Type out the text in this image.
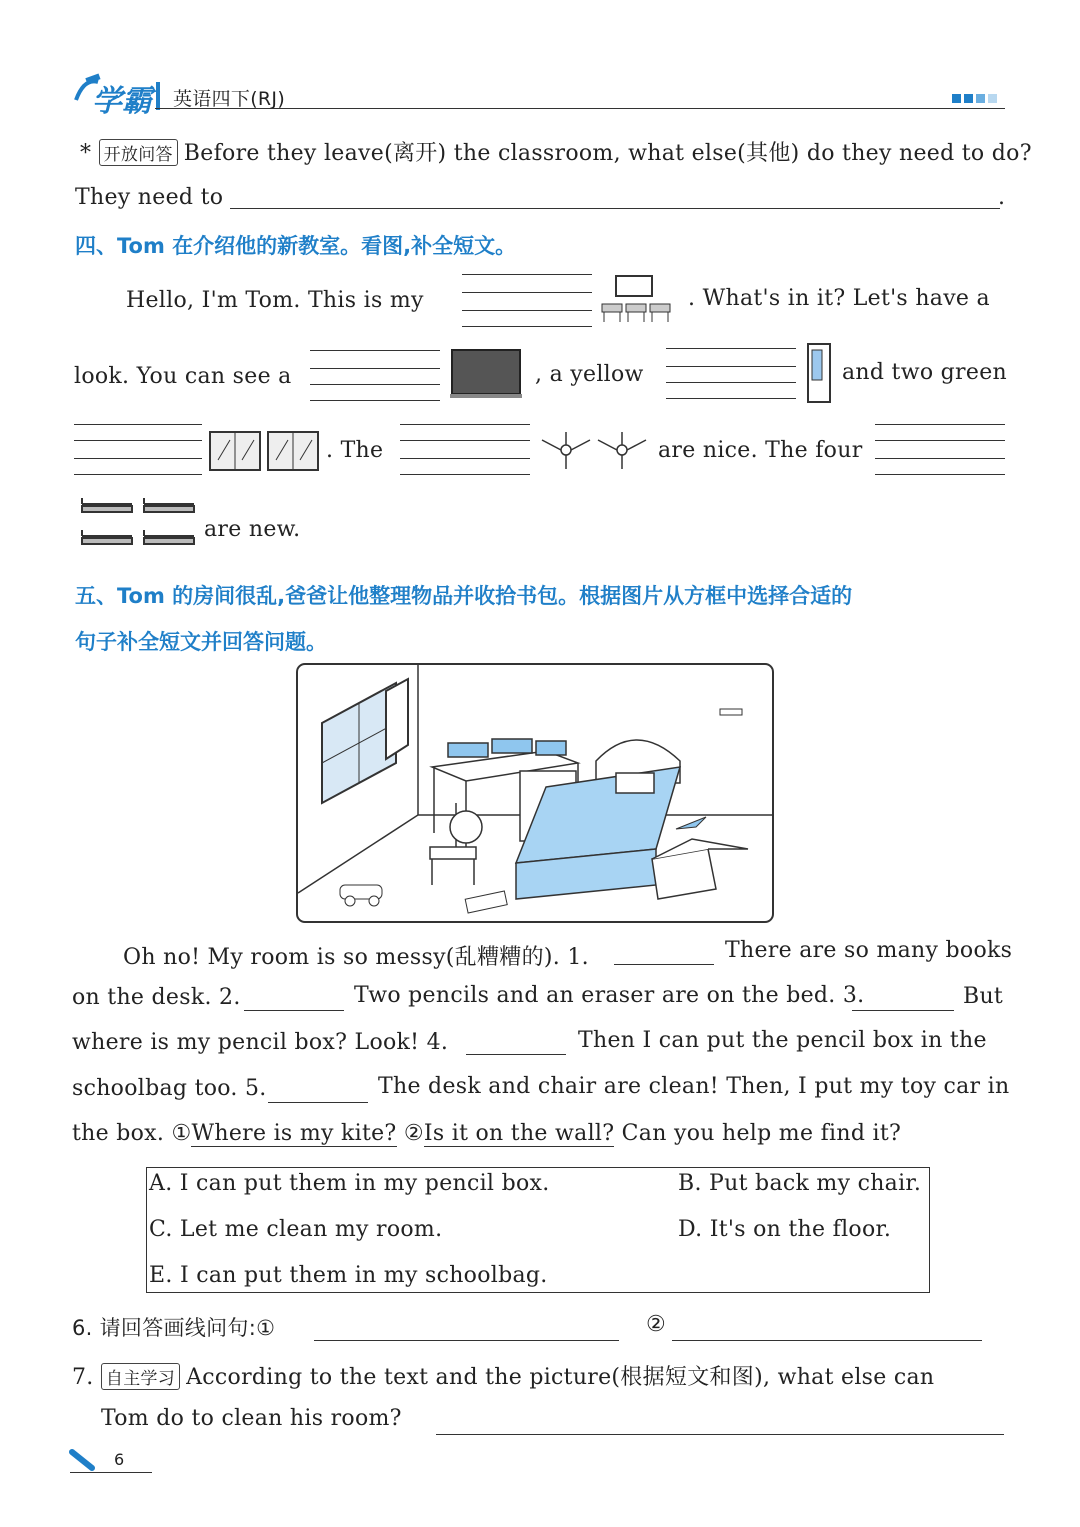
学霸 英语四下(RJ)
* 开放问答 Before they leave(离开) the classroom, what else(其他) do they need to do?
They need to	.
四、Tom 在介绍他的新教室。看图,补全短文。
Hello, I'm Tom. This is my	. What's in it? Let's have a
look. You can see a	, a yellow	and two green
. The	are nice. The four
are new.
五、Tom 的房间很乱,爸爸让他整理物品并收拾书包。根据图片从方框中选择合适的
句子补全短文并回答问题。
Oh no! My room is so messy(乱糟糟的). 1.	There are so many books
on the desk. 2.	Two pencils and an eraser are on the bed. 3.	But
where is my pencil box? Look! 4.	Then I can put the pencil box in the
schoolbag too. 5.	The desk and chair are clean! Then, I put my toy car in
the box. ①Where is my kite? ②Is it on the wall? Can you help me find it?
A. I can put them in my pencil box.	B. Put back my chair.
C. Let me clean my room.	D. It's on the floor.
E. I can put them in my schoolbag.
6. 请回答画线问句:①	②
7. 自主学习 According to the text and the picture(根据短文和图), what else can
Tom do to clean his room?
6
